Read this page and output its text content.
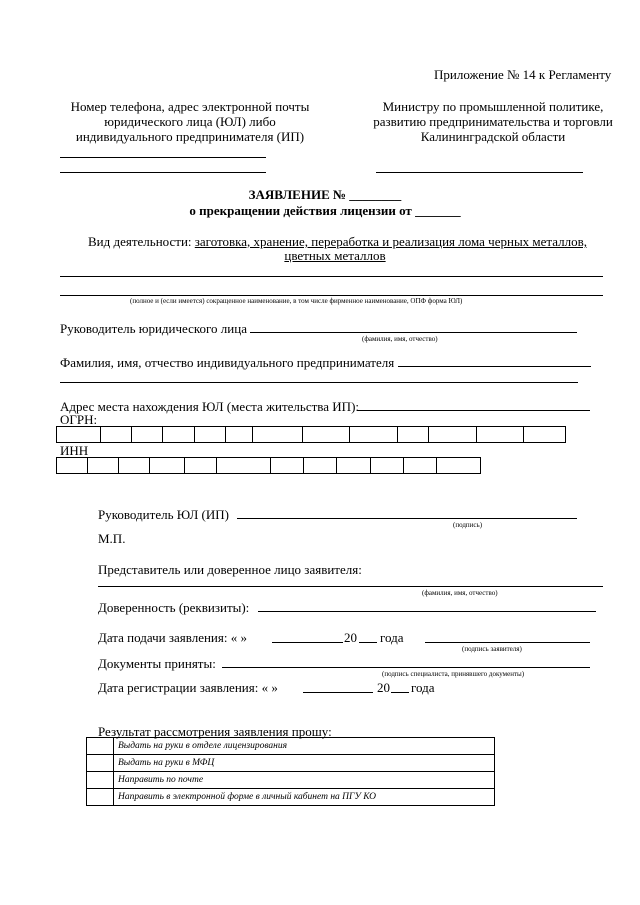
Приложение № 14 к Регламенту
Номер телефона, адрес электронной почты
юридического лица (ЮЛ) либо
индивидуального предпринимателя (ИП)
Министру по промышленной политике,
развитию предпринимательства и торговли
Калининградской области
ЗАЯВЛЕНИЕ № ________
о прекращении действия лицензии от _______
Вид деятельности: заготовка, хранение, переработка и реализация лома черных металлов,
цветных металлов
(полное и (если имеется) сокращенное наименование, в том числе фирменное наименование, ОПФ форма ЮЛ)
Руководитель юридического лица
(фамилия, имя, отчество)
Фамилия, имя, отчество индивидуального предпринимателя
Адрес места нахождения ЮЛ (места жительства ИП):
ОГРН:

ИНН

Руководитель ЮЛ (ИП)
(подпись)
М.П.
Представитель или доверенное лицо заявителя:
(фамилия, имя, отчество)
Доверенность (реквизиты):
Дата подачи заявления: « »	20 года
(подпись заявителя)
Документы приняты:
(подпись специалиста, принявшего документы)
Дата регистрации заявления: « »	20 года
Результат рассмотрения заявления прошу:
	Выдать на руки в отделе лицензирования
	Выдать на руки в МФЦ
	Направить по почте
	Направить в электронной форме в личный кабинет на ПГУ КО
